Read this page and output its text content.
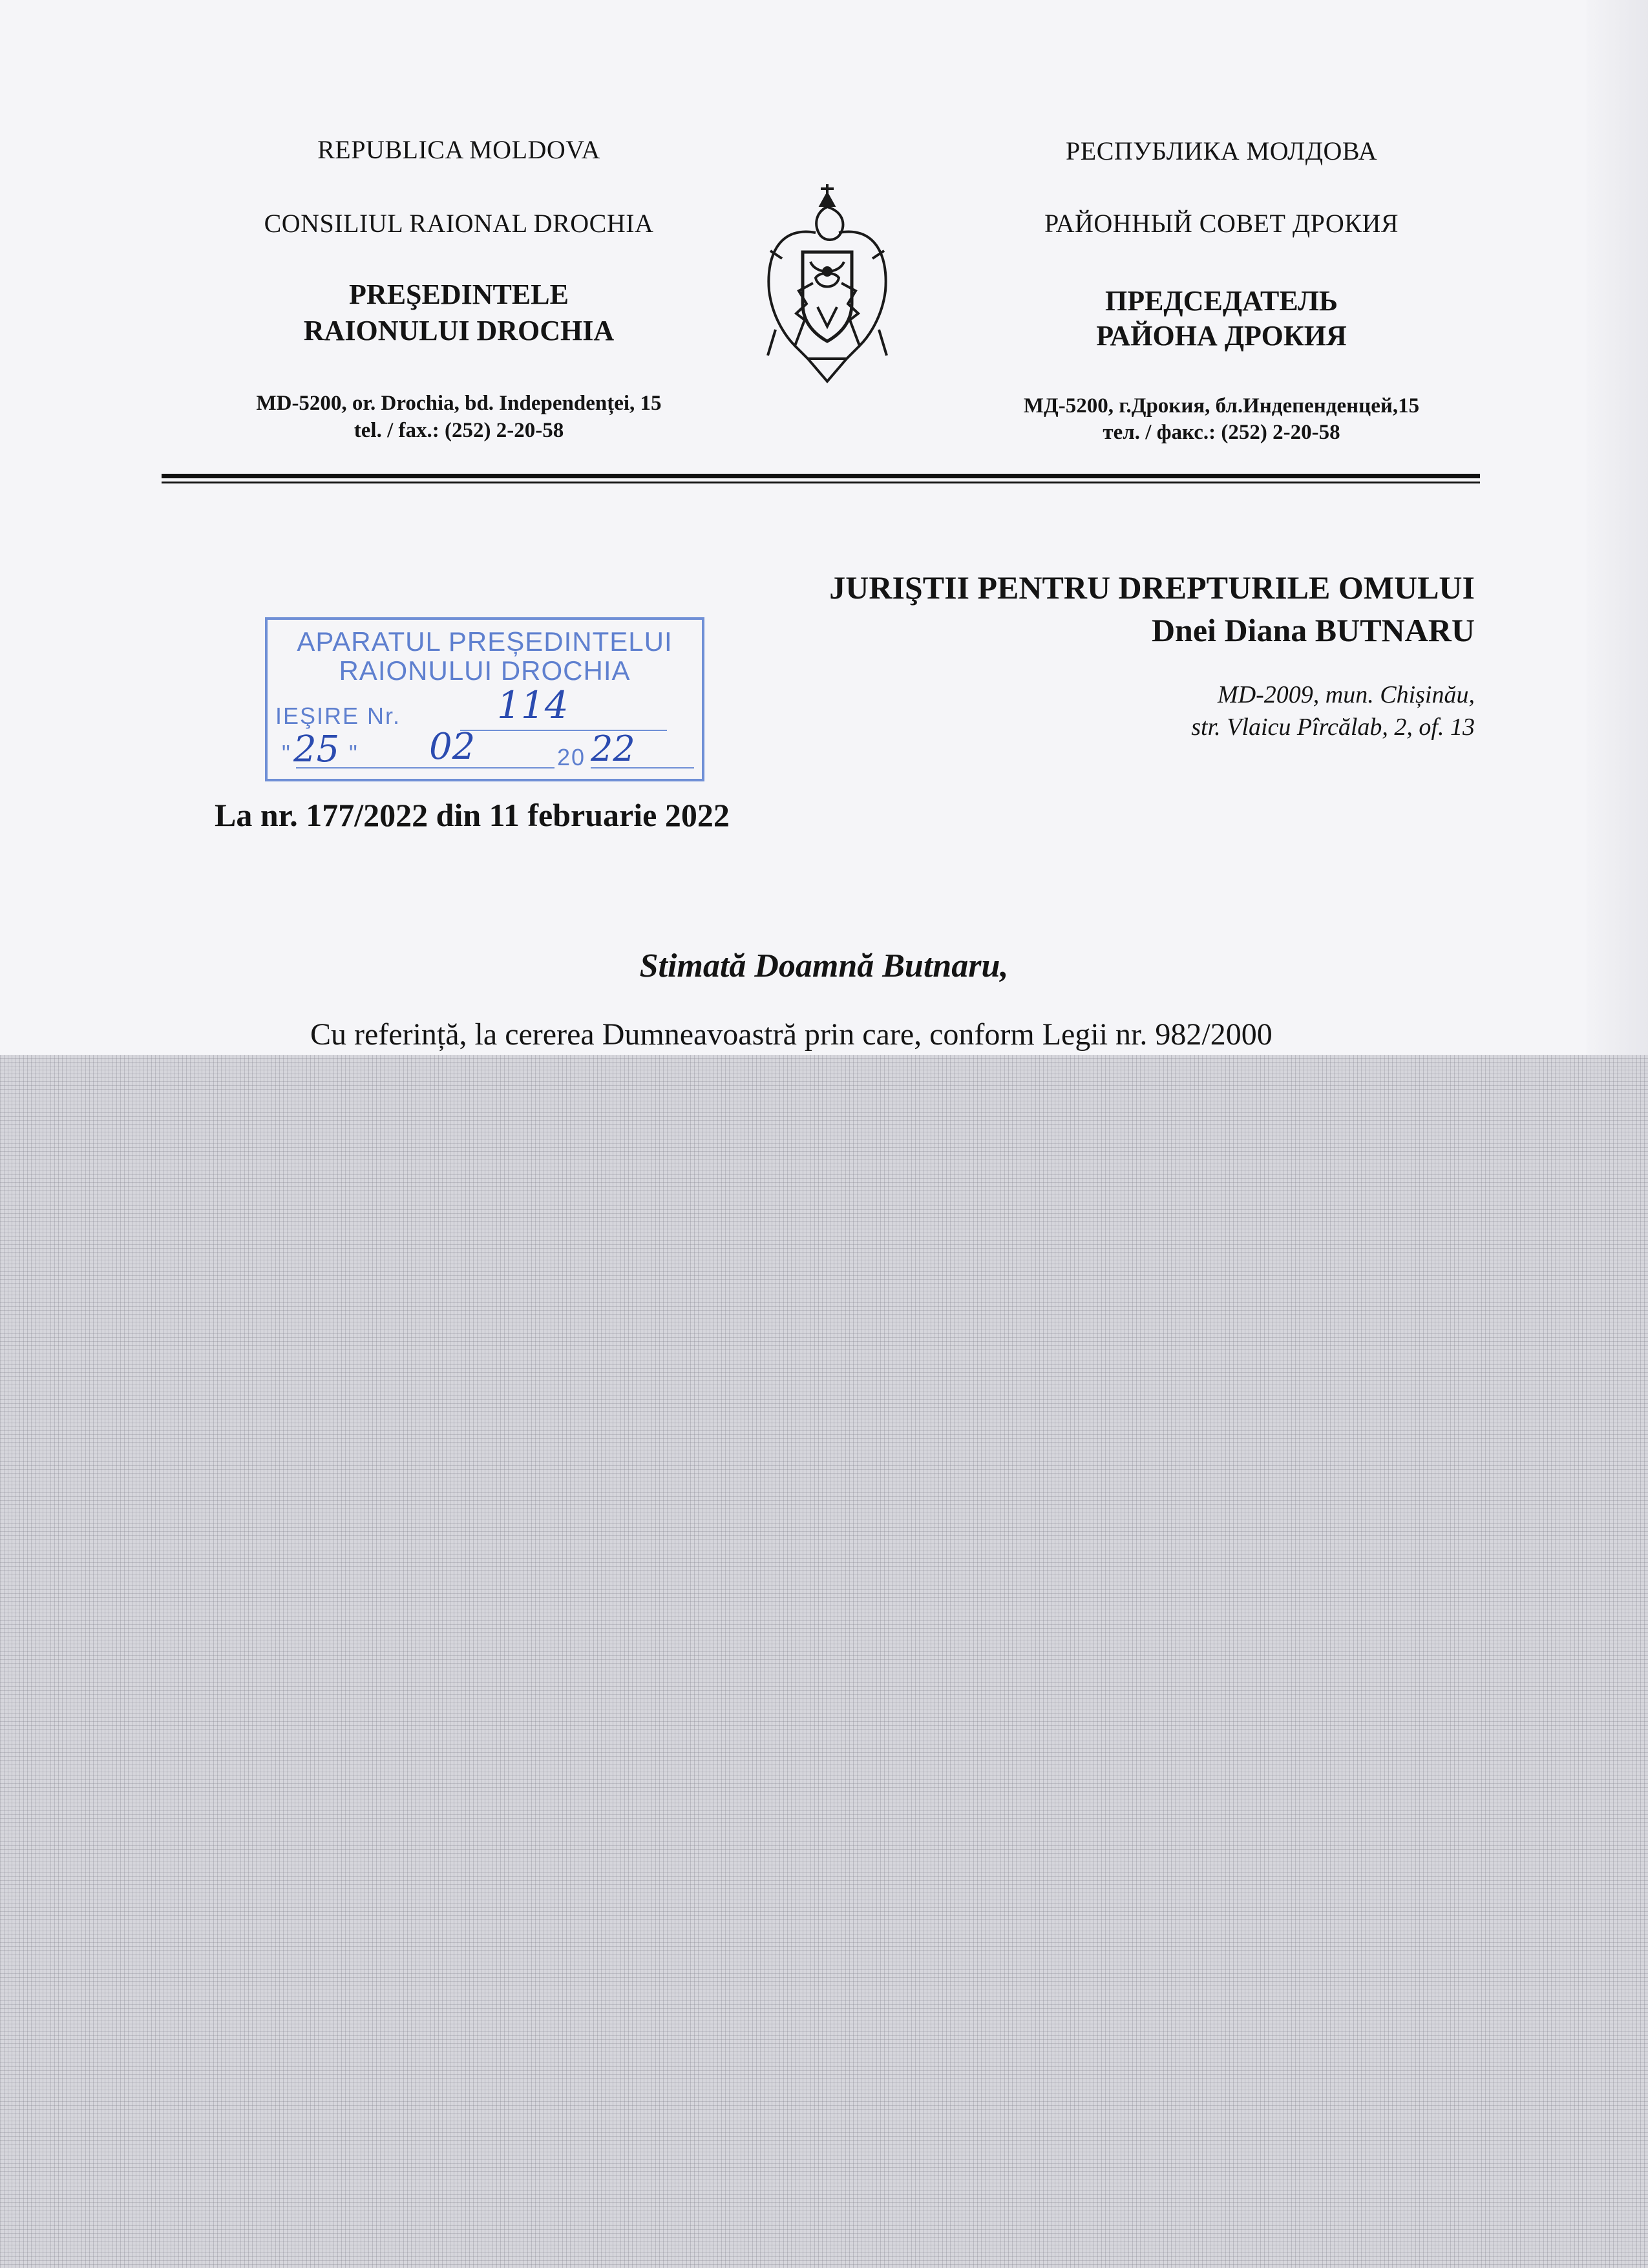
REPUBLICA MOLDOVA
CONSILIUL RAIONAL DROCHIA
PREŞEDINTELE
RAIONULUI DROCHIA
MD-5200, or. Drochia, bd. Independenței, 15
tel. / fax.: (252) 2-20-58
РЕСПУБЛИКА МОЛДОВА
РАЙОННЫЙ СОВЕТ ДРОКИЯ
ПРЕДСЕДАТЕЛЬ
РАЙОНА ДРОКИЯ
МД-5200, г.Дрокия, бл.Индепенденцей,15
тел. / факс.: (252) 2-20-58
JURIŞTII PENTRU DREPTURILE OMULUI
Dnei Diana BUTNARU
MD-2009, mun. Chișinău,
str. Vlaicu Pîrcălab, 2, of. 13
APARATUL PREȘEDINTELUI
RAIONULUI DROCHIA
IEŞIRE Nr.
" "	20
114
25 02	22
La nr. 177/2022 din 11 februarie 2022
Stimată Doamnă Butnaru,
Cu referință, la cererea Dumneavoastră prin care, conform Legii nr. 982/2000
